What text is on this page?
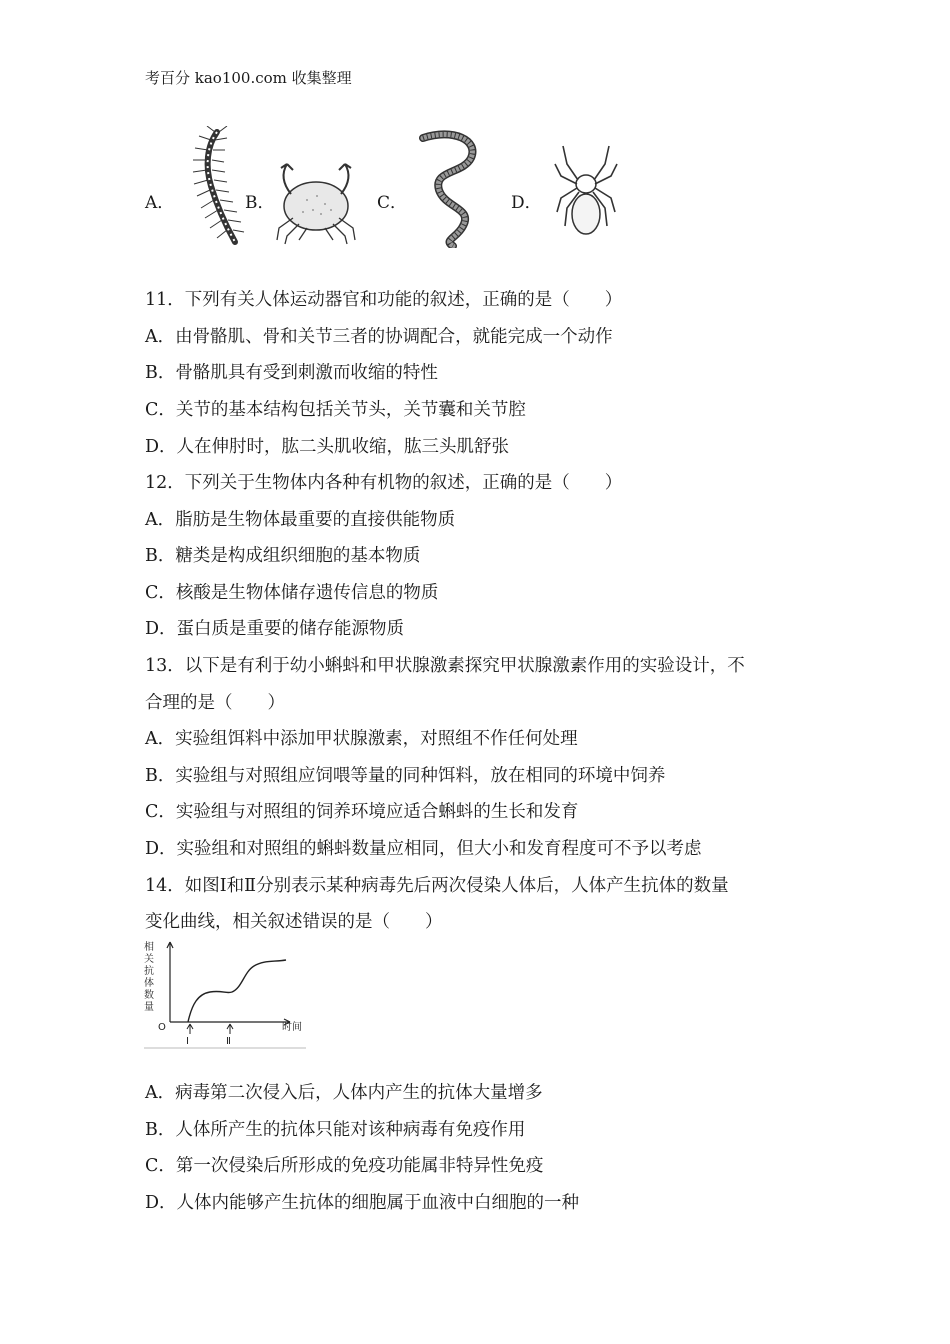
考百分 kao100.com 收集整理
A．	B．	C．	D．
11．下列有关人体运动器官和功能的叙述，正确的是（　　）
A．由骨骼肌、骨和关节三者的协调配合，就能完成一个动作
B．骨骼肌具有受到刺激而收缩的特性
C．关节的基本结构包括关节头，关节囊和关节腔
D．人在伸肘时，肱二头肌收缩，肱三头肌舒张
12．下列关于生物体内各种有机物的叙述，正确的是（　　）
A．脂肪是生物体最重要的直接供能物质
B．糖类是构成组织细胞的基本物质
C．核酸是生物体储存遗传信息的物质
D．蛋白质是重要的储存能源物质
13．以下是有利于幼小蝌蚪和甲状腺激素探究甲状腺激素作用的实验设计，不
合理的是（　　）
A．实验组饵料中添加甲状腺激素，对照组不作任何处理
B．实验组与对照组应饲喂等量的同种饵料，放在相同的环境中饲养
C．实验组与对照组的饲养环境应适合蝌蚪的生长和发育
D．实验组和对照组的蝌蚪数量应相同，但大小和发育程度可不予以考虑
14．如图Ⅰ和Ⅱ分别表示某种病毒先后两次侵染人体后，人体产生抗体的数量
变化曲线，相关叙述错误的是（　　）
相
关
抗
体
数
量
O	时间
Ⅰ	Ⅱ
A．病毒第二次侵入后，人体内产生的抗体大量增多
B．人体所产生的抗体只能对该种病毒有免疫作用
C．第一次侵染后所形成的免疫功能属非特异性免疫
D．人体内能够产生抗体的细胞属于血液中白细胞的一种
